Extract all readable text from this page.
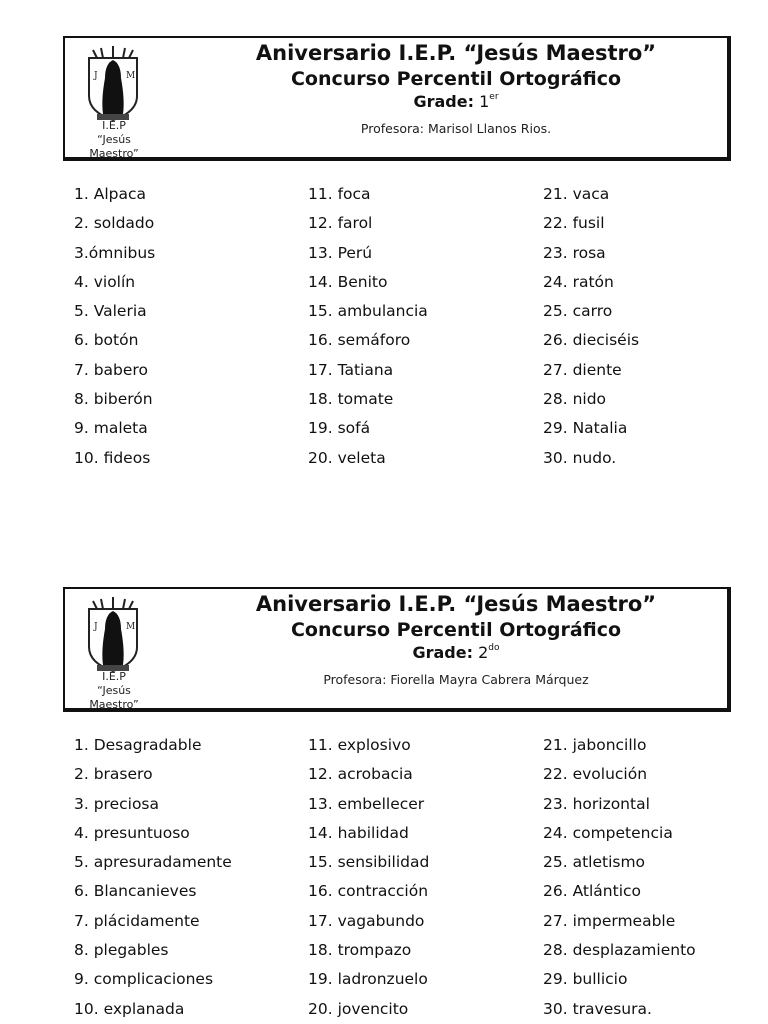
J	M
I.E.P
“Jesús
Maestro”
Aniversario I.E.P. “Jesús Maestro”
Concurso Percentil Ortográfico
Grade: 1er
Profesora: Marisol Llanos Rios.
1. Alpaca
2. soldado
3.ómnibus
4. violín
5. Valeria
6. botón
7. babero
8. biberón
9. maleta
10. fideos
11. foca
12. farol
13. Perú
14. Benito
15. ambulancia
16. semáforo
17. Tatiana
18. tomate
19. sofá
20. veleta
21. vaca
22. fusil
23. rosa
24. ratón
25. carro
26. dieciséis
27. diente
28. nido
29. Natalia
30. nudo.
J	M
I.E.P
“Jesús
Maestro”
Aniversario I.E.P. “Jesús Maestro”
Concurso Percentil Ortográfico
Grade: $2^{do}$
Profesora: Fiorella Mayra Cabrera Márquez
1. Desagradable
2. brasero
3. preciosa
4. presuntuoso
5. apresuradamente
6. Blancanieves
7. plácidamente
8. plegables
9. complicaciones
10. explanada
11. explosivo
12. acrobacia
13. embellecer
14. habilidad
15. sensibilidad
16. contracción
17. vagabundo
18. trompazo
19. ladronzuelo
20. jovencito
21. jaboncillo
22. evolución
23. horizontal
24. competencia
25. atletismo
26. Atlántico
27. impermeable
28. desplazamiento
29. bullicio
30. travesura.
